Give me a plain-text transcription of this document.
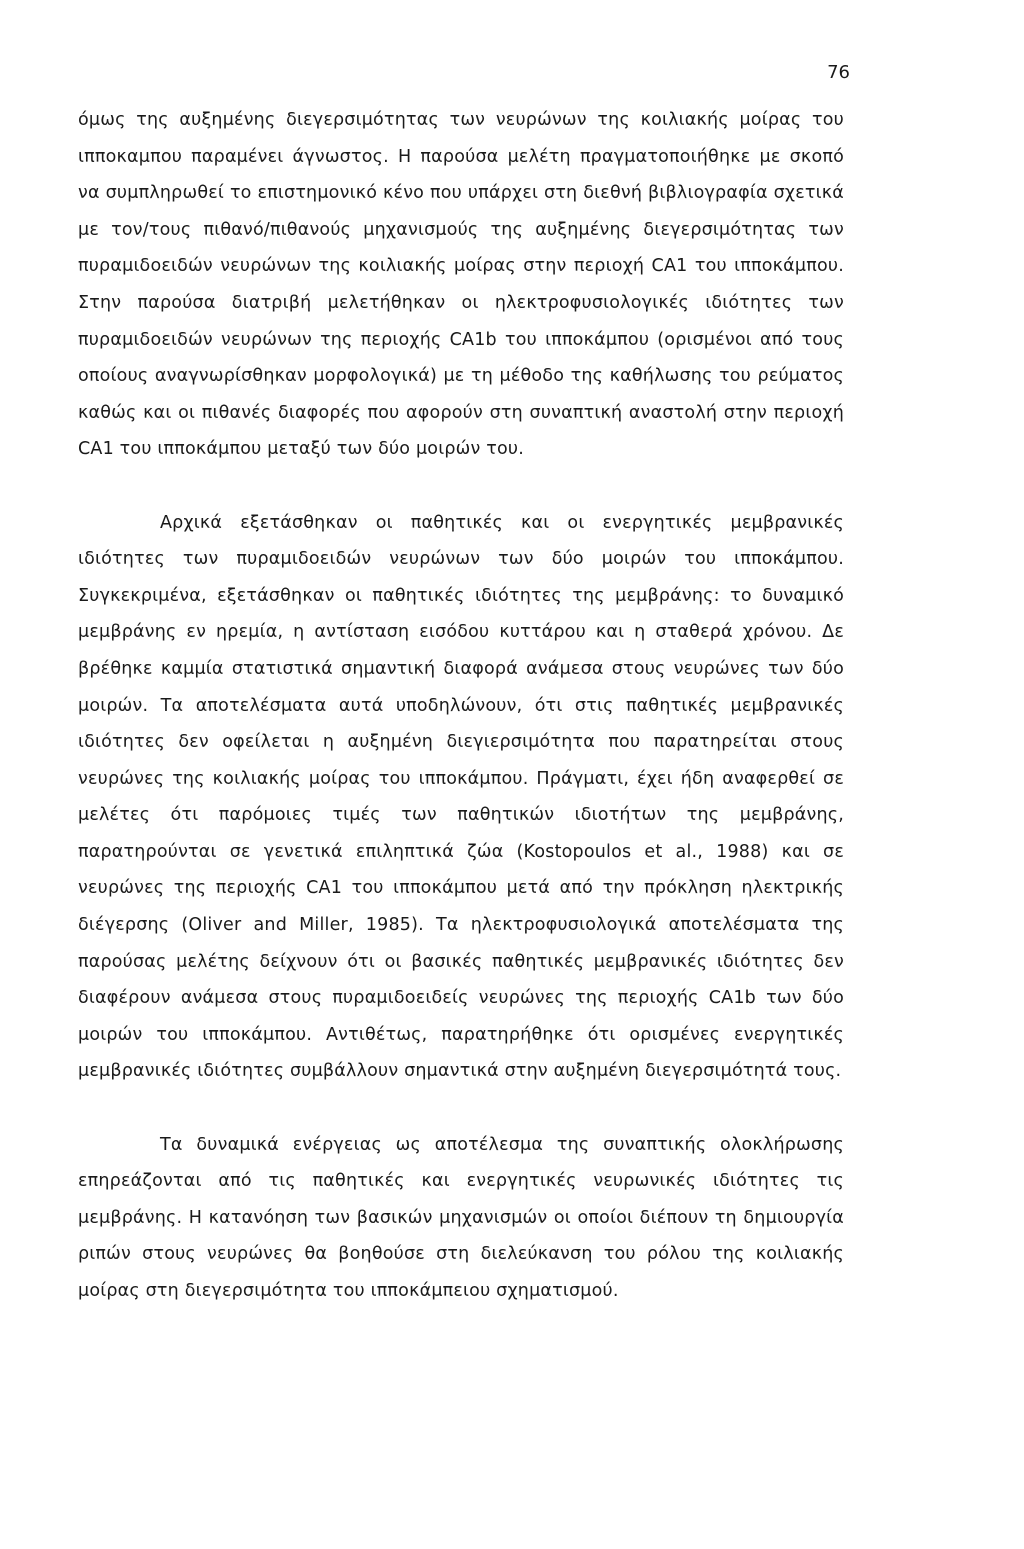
76

όμως της αυξημένης διεγερσιμότητας των νευρώνων της κοιλιακής μοίρας του ιπποκαμπου παραμένει άγνωστος. Η παρούσα μελέτη πραγματοποιήθηκε με σκοπό να συμπληρωθεί το επιστημονικό κένο που υπάρχει στη διεθνή βιβλιογραφία σχετικά με τον/τους πιθανό/πιθανούς μηχανισμούς της αυξημένης διεγερσιμότητας των πυραμιδοειδών νευρώνων της κοιλιακής μοίρας στην περιοχή CA1 του ιπποκάμπου. Στην παρούσα διατριβή μελετήθηκαν οι ηλεκτροφυσιολογικές ιδιότητες των πυραμιδοειδών νευρώνων της περιοχής CA1b του ιπποκάμπου (ορισμένοι από τους οποίους αναγνωρίσθηκαν μορφολογικά) με τη μέθοδο της καθήλωσης του ρεύματος καθώς και οι πιθανές διαφορές που αφορούν στη συναπτική αναστολή στην περιοχή CA1 του ιπποκάμπου μεταξύ των δύο μοιρών του.

Αρχικά εξετάσθηκαν οι παθητικές και οι ενεργητικές μεμβρανικές ιδιότητες των πυραμιδοειδών νευρώνων των δύο μοιρών του ιπποκάμπου. Συγκεκριμένα, εξετάσθηκαν οι παθητικές ιδιότητες της μεμβράνης: το δυναμικό μεμβράνης εν ηρεμία, η αντίσταση εισόδου κυττάρου και η σταθερά χρόνου. Δε βρέθηκε καμμία στατιστικά σημαντική διαφορά ανάμεσα στους νευρώνες των δύο μοιρών. Τα αποτελέσματα αυτά υποδηλώνουν, ότι στις παθητικές μεμβρανικές ιδιότητες δεν οφείλεται η αυξημένη διεγιερσιμότητα που παρατηρείται στους νευρώνες της κοιλιακής μοίρας του ιπποκάμπου. Πράγματι, έχει ήδη αναφερθεί σε μελέτες ότι παρόμοιες τιμές των παθητικών ιδιοτήτων της μεμβράνης, παρατηρούνται σε γενετικά επιληπτικά ζώα (Kostopoulos et al., 1988) και σε νευρώνες της περιοχής CA1 του ιπποκάμπου μετά από την πρόκληση ηλεκτρικής διέγερσης (Oliver and Miller, 1985). Τα ηλεκτροφυσιολογικά αποτελέσματα της παρούσας μελέτης δείχνουν ότι οι βασικές παθητικές μεμβρανικές ιδιότητες δεν διαφέρουν ανάμεσα στους πυραμιδοειδείς νευρώνες της περιοχής CA1b των δύο μοιρών του ιπποκάμπου. Αντιθέτως, παρατηρήθηκε ότι ορισμένες ενεργητικές μεμβρανικές ιδιότητες συμβάλλουν σημαντικά στην αυξημένη διεγερσιμότητά τους.

Τα δυναμικά ενέργειας ως αποτέλεσμα της συναπτικής ολοκλήρωσης επηρεάζονται από τις παθητικές και ενεργητικές νευρωνικές ιδιότητες τις μεμβράνης. Η κατανόηση των βασικών μηχανισμών οι οποίοι διέπουν τη δημιουργία ριπών στους νευρώνες θα βοηθούσε στη διελεύκανση του ρόλου της κοιλιακής μοίρας στη διεγερσιμότητα του ιπποκάμπειου σχηματισμού.
